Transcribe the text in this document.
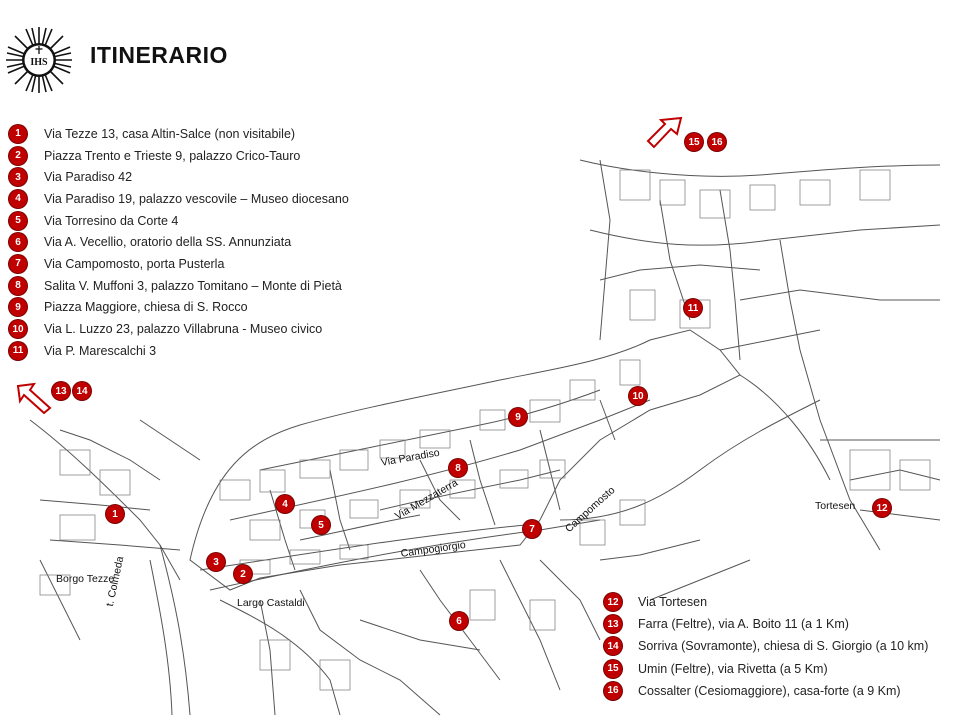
IHS ITINERARIO
13 14
15	16
1
2
3
4
5
6
7
8
9
10
11
12
Borgo Tezze
t. Colmeda	Largo Castaldi
Campogiorgio
Via Paradiso
Via Mezzaterra	Campomosto	Tortesen
1	Via Tezze 13, casa Altin-Salce (non visitabile)
2	Piazza Trento e Trieste 9, palazzo Crico-Tauro
3	Via Paradiso 42
4	Via Paradiso 19, palazzo vescovile – Museo diocesano
5	Via Torresino da Corte 4
6	Via A. Vecellio, oratorio della SS. Annunziata
7	Via Campomosto, porta Pusterla
8	Salita V. Muffoni 3, palazzo Tomitano – Monte di Pietà
9	Piazza Maggiore, chiesa di S. Rocco
10 Via L. Luzzo 23, palazzo Villabruna - Museo civico
11 Via P. Marescalchi 3
12 Via Tortesen
13 Farra (Feltre), via A. Boito 11 (a 1 Km)
14 Sorriva (Sovramonte), chiesa di S. Giorgio (a 10 km)
15 Umin (Feltre), via Rivetta (a 5 Km)
16 Cossalter (Cesiomaggiore), casa-forte (a 9 Km)
